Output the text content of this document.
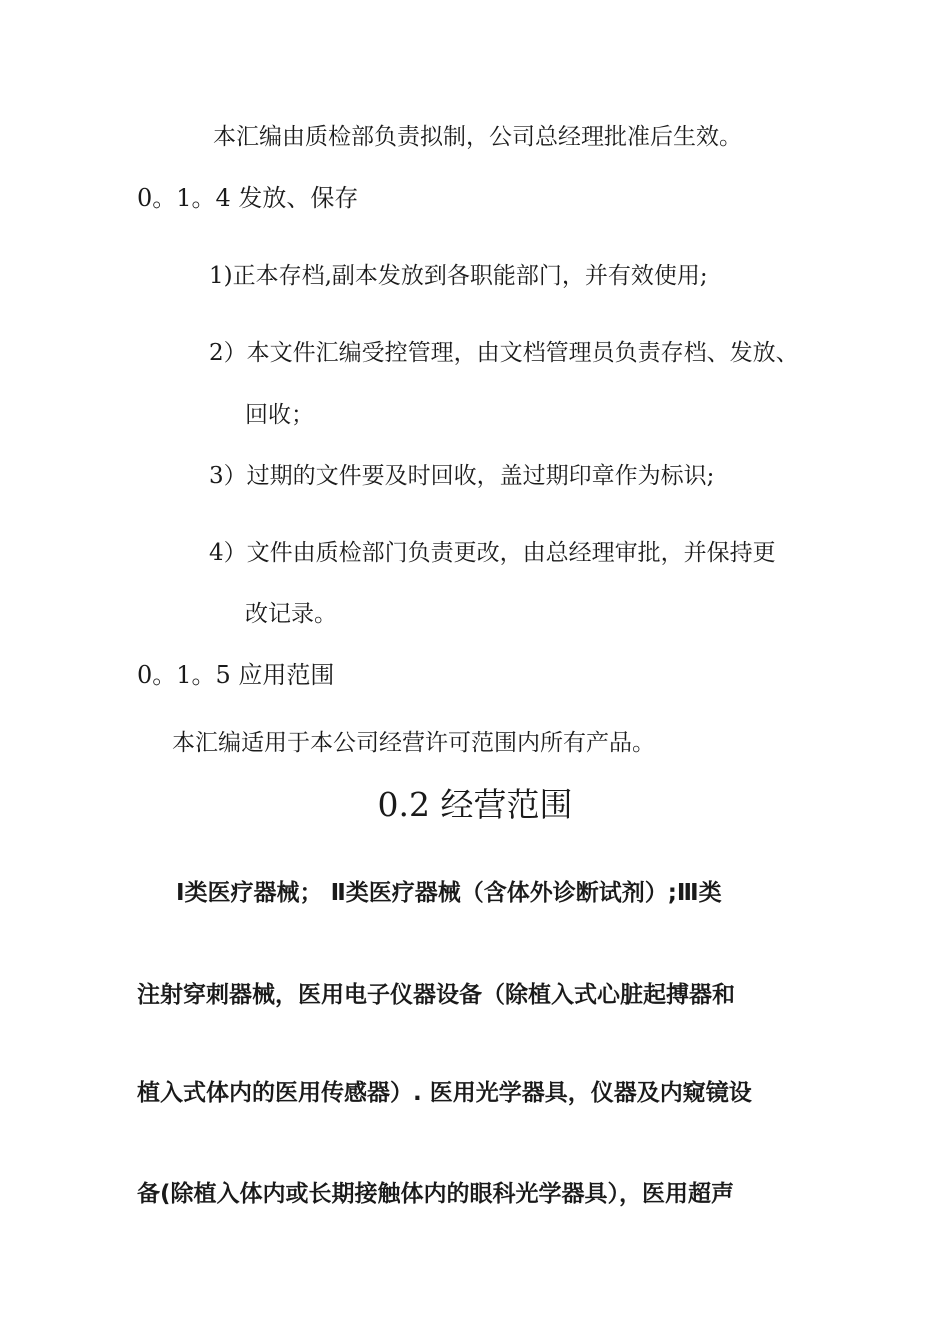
本汇编由质检部负责拟制，公司总经理批准后生效。
0。1。4 发放、保存
1)正本存档,副本发放到各职能部门，并有效使用;
2）本文件汇编受控管理，由文档管理员负责存档、发放、
回收；
3）过期的文件要及时回收，盖过期印章作为标识;
4）文件由质检部门负责更改，由总经理审批，并保持更
改记录。
0。1。5 应用范围
本汇编适用于本公司经营许可范围内所有产品。
0.2 经营范围
Ⅰ类医疗器械； Ⅱ类医疗器械（含体外诊断试剂）;Ⅲ类
注射穿刺器械，医用电子仪器设备（除植入式心脏起搏器和
植入式体内的医用传感器）. 医用光学器具，仪器及内窥镜设
备(除植入体内或长期接触体内的眼科光学器具），医用超声
